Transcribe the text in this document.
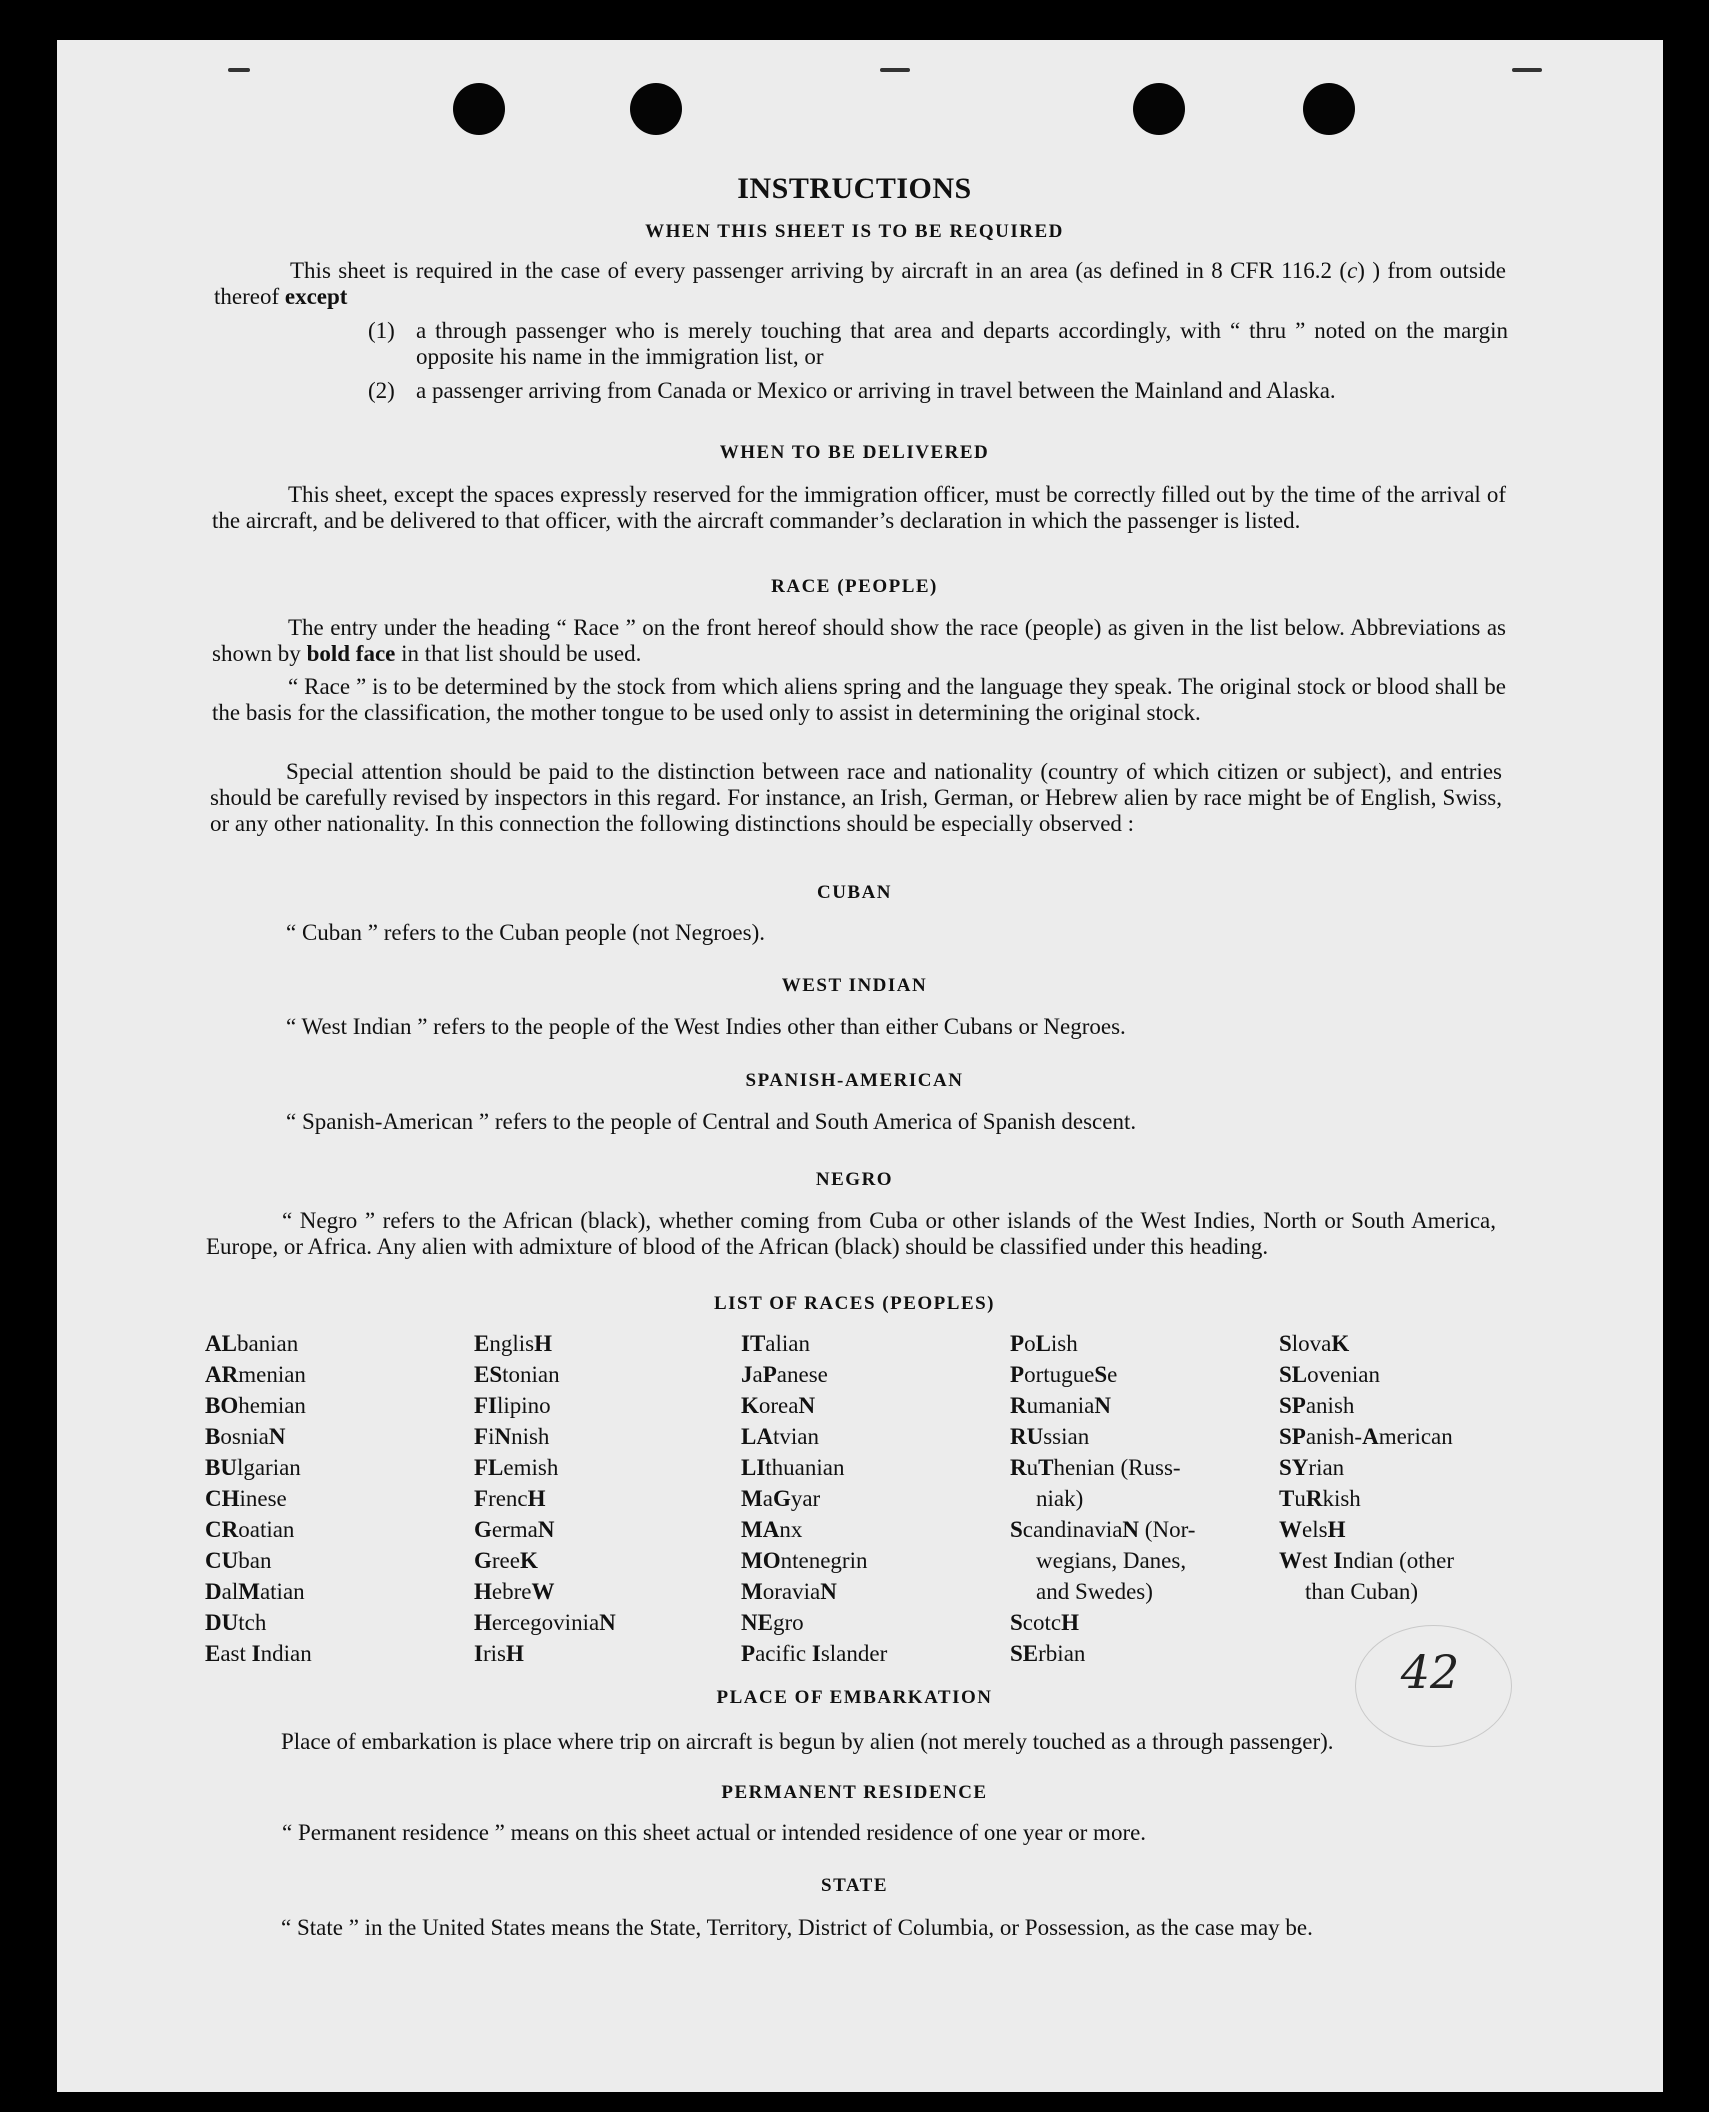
INSTRUCTIONS
WHEN THIS SHEET IS TO BE REQUIRED
This sheet is required in the case of every passenger arriving by aircraft in an area (as defined in 8 CFR 116.2 (c) ) from outside thereof except
(1) a through passenger who is merely touching that area and departs accordingly, with “ thru ” noted on the margin opposite his name in the immigration list, or
(2) a passenger arriving from Canada or Mexico or arriving in travel between the Mainland and Alaska.
WHEN TO BE DELIVERED
This sheet, except the spaces expressly reserved for the immigration officer, must be correctly filled out by the time of the arrival of the aircraft, and be delivered to that officer, with the aircraft commander’s declaration in which the passenger is listed.
RACE (PEOPLE)
The entry under the heading “ Race ” on the front hereof should show the race (people) as given in the list below. Abbreviations as shown by bold face in that list should be used.
“ Race ” is to be determined by the stock from which aliens spring and the language they speak. The original stock or blood shall be the basis for the classification, the mother tongue to be used only to assist in determining the original stock.
Special attention should be paid to the distinction between race and nationality (country of which citizen or subject), and entries should be carefully revised by inspectors in this regard. For instance, an Irish, German, or Hebrew alien by race might be of English, Swiss, or any other nationality. In this connection the following distinctions should be especially observed :
CUBAN
“ Cuban ” refers to the Cuban people (not Negroes).
WEST INDIAN
“ West Indian ” refers to the people of the West Indies other than either Cubans or Negroes.
SPANISH-AMERICAN
“ Spanish-American ” refers to the people of Central and South America of Spanish descent.
NEGRO
“ Negro ” refers to the African (black), whether coming from Cuba or other islands of the West Indies, North or South America, Europe, or Africa. Any alien with admixture of blood of the African (black) should be classified under this heading.
LIST OF RACES (PEOPLES)
ALbanian
ARmenian
BOhemian
BosniaN
BUlgarian
CHinese
CRoatian
CUban
DalMatian
DUtch
East Indian
EnglisH
EStonian
FIlipino
FiNnish
FLemish
FrencH
GermaN
GreeK
HebreW
HercegoviniaN
IrisH
ITalian
JaPanese
KoreaN
LAtvian
LIthuanian
MaGyar
MAnx
MOntenegrin
MoraviaN
NEgro
Pacific Islander
PoLish
PortugueSe
RumaniaN
RUssian
RuThenian (Russ-
niak)
ScandinaviaN (Nor-
wegians, Danes,
and Swedes)
ScotcH
SErbian
SlovaK
SLovenian
SPanish
SPanish-American
SYrian
TuRkish
WelsH
West Indian (other
than Cuban)
PLACE OF EMBARKATION
Place of embarkation is place where trip on aircraft is begun by alien (not merely touched as a through passenger).
PERMANENT RESIDENCE
“ Permanent residence ” means on this sheet actual or intended residence of one year or more.
STATE
“ State ” in the United States means the State, Territory, District of Columbia, or Possession, as the case may be.
42
